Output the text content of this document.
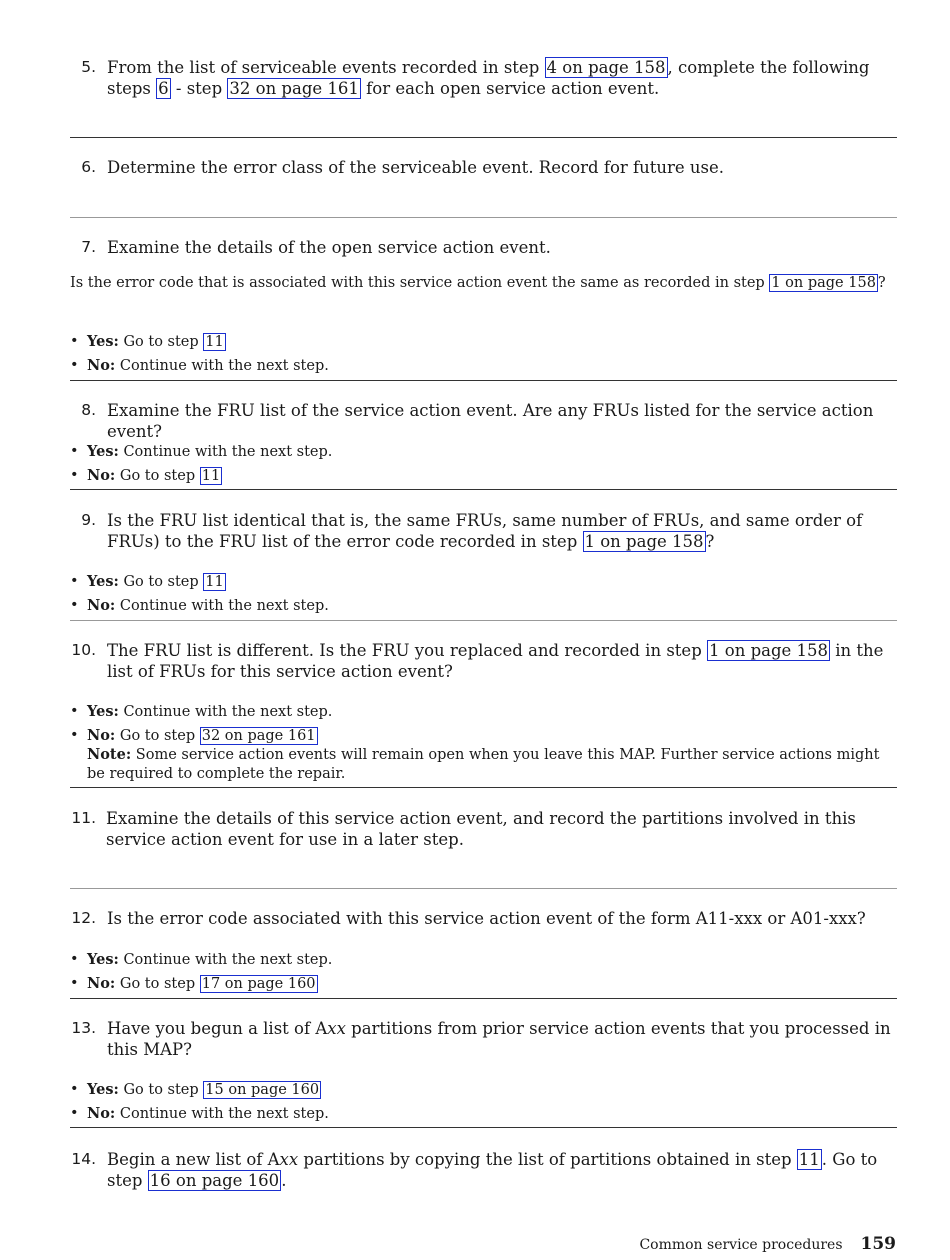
5. From the list of serviceable events recorded in step 4 on page 158 , complete the following steps 6 - step 32 on page 161 for each open service action event.
6. Determine the error class of the serviceable event. Record for future use.
7. Examine the details of the open service action event.
Is the error code that is associated with this service action event the same as recorded in step 1 on page 158 ?
• Yes: Go to step 11
• No: Continue with the next step.
8. Examine the FRU list of the service action event. Are any FRUs listed for the service action event?
• Yes: Continue with the next step.
• No: Go to step 11
9. Is the FRU list identical that is, the same FRUs, same number of FRUs, and same order of FRUs) to the FRU list of the error code recorded in step 1 on page 158 ?
• Yes: Go to step 11
• No: Continue with the next step.
10. The FRU list is different. Is the FRU you replaced and recorded in step 1 on page 158 in the list of FRUs for this service action event?
• Yes: Continue with the next step.
• No: Go to step 32 on page 161
Note: Some service action events will remain open when you leave this MAP. Further service actions might be required to complete the repair.
11. Examine the details of this service action event, and record the partitions involved in this service action event for use in a later step.
12. Is the error code associated with this service action event of the form A11-xxx or A01-xxx?
• Yes: Continue with the next step.
• No: Go to step 17 on page 160
13. Have you begun a list of Axx partitions from prior service action events that you processed in this MAP?
• Yes: Go to step 15 on page 160
• No: Continue with the next step.
14. Begin a new list of Axx partitions by copying the list of partitions obtained in step 11 . Go to step 16 on page 160 .
Common service procedures 159
